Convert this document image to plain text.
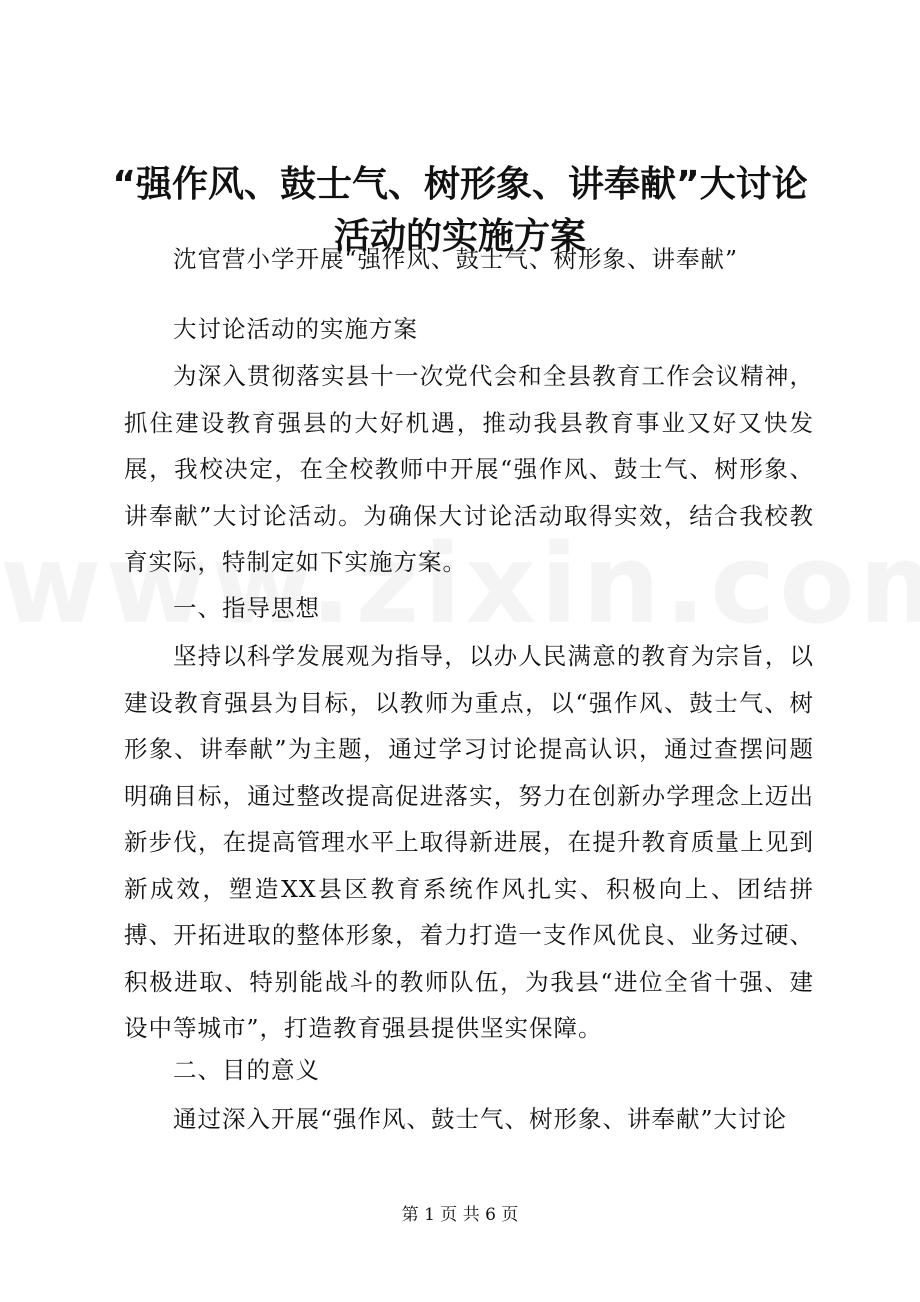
“强作风、鼓士气、树形象、讲奉献”大讨论
活动的实施方案
沈官营小学开展“强作风、鼓士气、树形象、讲奉献”
大讨论活动的实施方案
为深入贯彻落实县十一次党代会和全县教育工作会议精神，抓住建设教育强县的大好机遇，推动我县教育事业又好又快发展，我校决定，在全校教师中开展“强作风、鼓士气、树形象、讲奉献”大讨论活动。为确保大讨论活动取得实效，结合我校教育实际，特制定如下实施方案。
一、指导思想
坚持以科学发展观为指导，以办人民满意的教育为宗旨，以建设教育强县为目标，以教师为重点，以“强作风、鼓士气、树形象、讲奉献”为主题，通过学习讨论提高认识，通过查摆问题明确目标，通过整改提高促进落实，努力在创新办学理念上迈出新步伐，在提高管理水平上取得新进展，在提升教育质量上见到新成效，塑造XX县区教育系统作风扎实、积极向上、团结拼搏、开拓进取的整体形象，着力打造一支作风优良、业务过硬、积极进取、特别能战斗的教师队伍，为我县“进位全省十强、建设中等城市”，打造教育强县提供坚实保障。
二、目的意义
通过深入开展“强作风、鼓士气、树形象、讲奉献”大讨论
第 1 页 共 6 页
